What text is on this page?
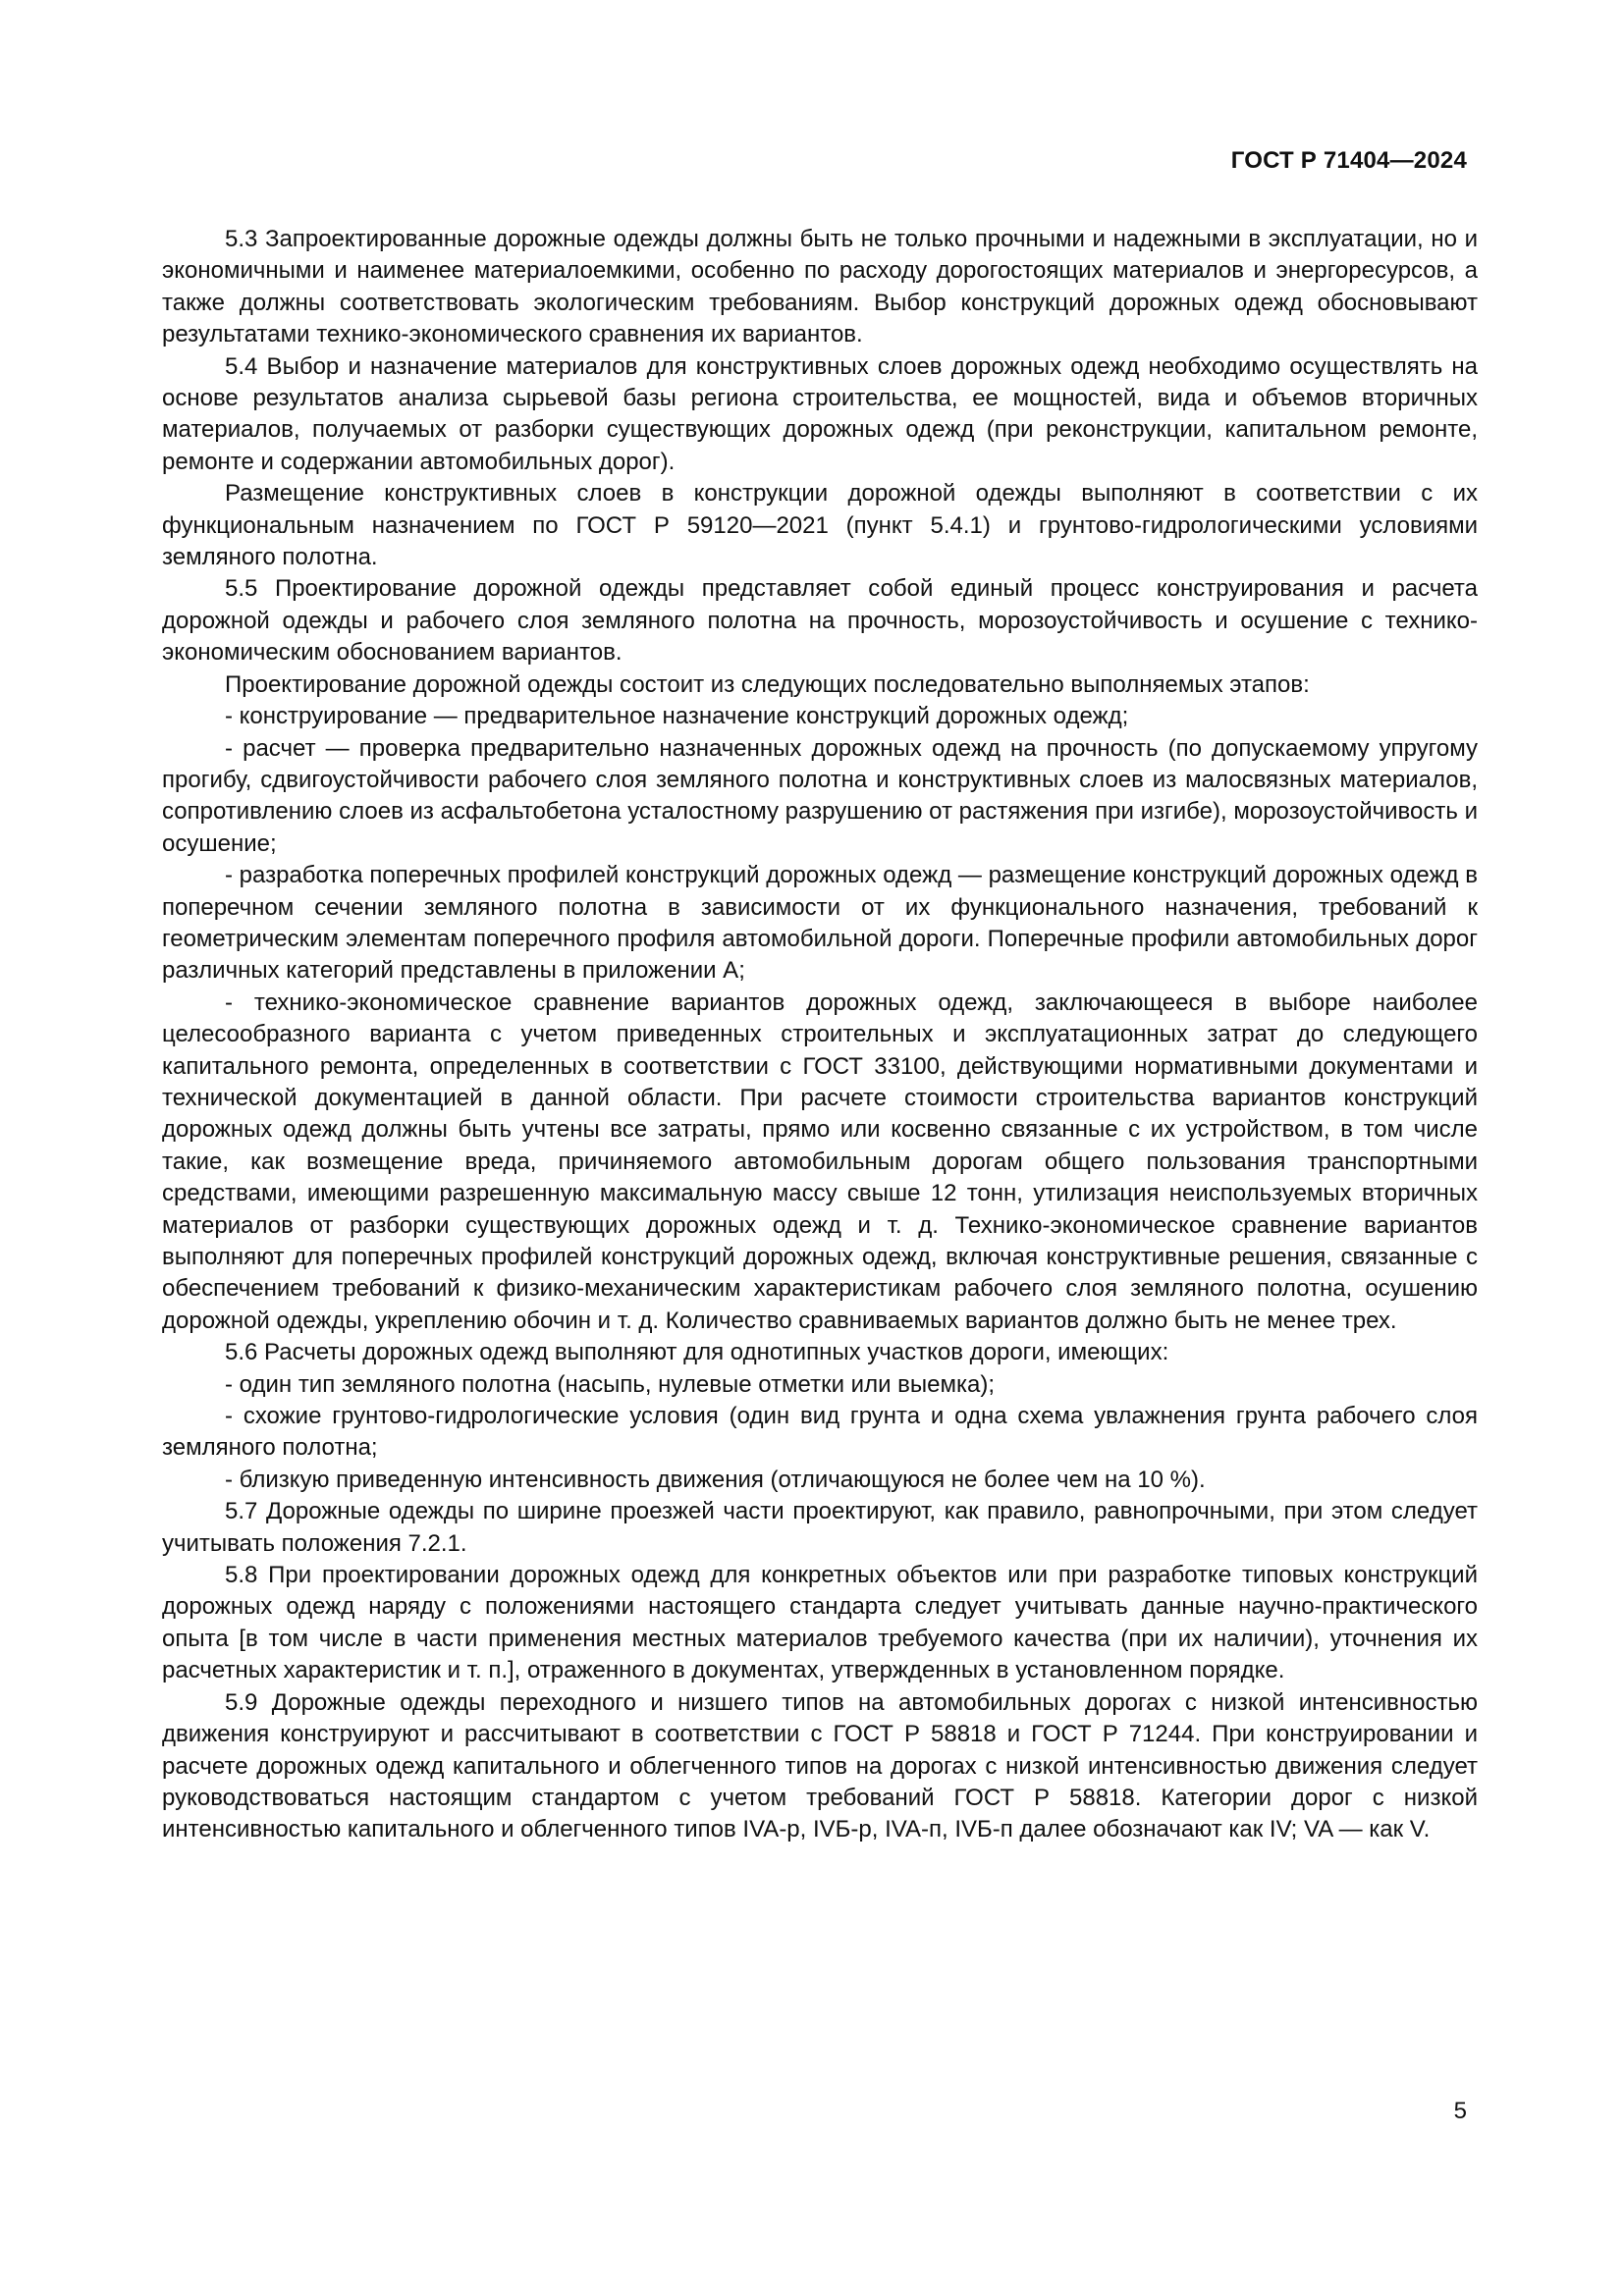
ГОСТ Р 71404—2024

5.3 Запроектированные дорожные одежды должны быть не только прочными и надежными в эксплуатации, но и экономичными и наименее материалоемкими, особенно по расходу дорогостоящих материалов и энергоресурсов, а также должны соответствовать экологическим требованиям. Выбор конструкций дорожных одежд обосновывают результатами технико-экономического сравнения их вариантов.

5.4 Выбор и назначение материалов для конструктивных слоев дорожных одежд необходимо осуществлять на основе результатов анализа сырьевой базы региона строительства, ее мощностей, вида и объемов вторичных материалов, получаемых от разборки существующих дорожных одежд (при реконструкции, капитальном ремонте, ремонте и содержании автомобильных дорог).

Размещение конструктивных слоев в конструкции дорожной одежды выполняют в соответствии с их функциональным назначением по ГОСТ Р 59120—2021 (пункт 5.4.1) и грунтово-гидрологическими условиями земляного полотна.

5.5 Проектирование дорожной одежды представляет собой единый процесс конструирования и расчета дорожной одежды и рабочего слоя земляного полотна на прочность, морозоустойчивость и осушение с технико-экономическим обоснованием вариантов.

Проектирование дорожной одежды состоит из следующих последовательно выполняемых этапов:

- конструирование — предварительное назначение конструкций дорожных одежд;

- расчет — проверка предварительно назначенных дорожных одежд на прочность (по допускаемому упругому прогибу, сдвигоустойчивости рабочего слоя земляного полотна и конструктивных слоев из малосвязных материалов, сопротивлению слоев из асфальтобетона усталостному разрушению от растяжения при изгибе), морозоустойчивость и осушение;

- разработка поперечных профилей конструкций дорожных одежд — размещение конструкций дорожных одежд в поперечном сечении земляного полотна в зависимости от их функционального назначения, требований к геометрическим элементам поперечного профиля автомобильной дороги. Поперечные профили автомобильных дорог различных категорий представлены в приложении А;

- технико-экономическое сравнение вариантов дорожных одежд, заключающееся в выборе наиболее целесообразного варианта с учетом приведенных строительных и эксплуатационных затрат до следующего капитального ремонта, определенных в соответствии с ГОСТ 33100, действующими нормативными документами и технической документацией в данной области. При расчете стоимости строительства вариантов конструкций дорожных одежд должны быть учтены все затраты, прямо или косвенно связанные с их устройством, в том числе такие, как возмещение вреда, причиняемого автомобильным дорогам общего пользования транспортными средствами, имеющими разрешенную максимальную массу свыше 12 тонн, утилизация неиспользуемых вторичных материалов от разборки существующих дорожных одежд и т. д. Технико-экономическое сравнение вариантов выполняют для поперечных профилей конструкций дорожных одежд, включая конструктивные решения, связанные с обеспечением требований к физико-механическим характеристикам рабочего слоя земляного полотна, осушению дорожной одежды, укреплению обочин и т. д. Количество сравниваемых вариантов должно быть не менее трех.

5.6 Расчеты дорожных одежд выполняют для однотипных участков дороги, имеющих:

- один тип земляного полотна (насыпь, нулевые отметки или выемка);

- схожие грунтово-гидрологические условия (один вид грунта и одна схема увлажнения грунта рабочего слоя земляного полотна;

- близкую приведенную интенсивность движения (отличающуюся не более чем на 10 %).

5.7 Дорожные одежды по ширине проезжей части проектируют, как правило, равнопрочными, при этом следует учитывать положения 7.2.1.

5.8 При проектировании дорожных одежд для конкретных объектов или при разработке типовых конструкций дорожных одежд наряду с положениями настоящего стандарта следует учитывать данные научно-практического опыта [в том числе в части применения местных материалов требуемого качества (при их наличии), уточнения их расчетных характеристик и т. п.], отраженного в документах, утвержденных в установленном порядке.

5.9 Дорожные одежды переходного и низшего типов на автомобильных дорогах с низкой интенсивностью движения конструируют и рассчитывают в соответствии с ГОСТ Р 58818 и ГОСТ Р 71244. При конструировании и расчете дорожных одежд капитального и облегченного типов на дорогах с низкой интенсивностью движения следует руководствоваться настоящим стандартом с учетом требований ГОСТ Р 58818. Категории дорог с низкой интенсивностью капитального и облегченного типов IVA-р, IVБ-р, IVA-п, IVБ-п далее обозначают как IV; VA — как V.

5
